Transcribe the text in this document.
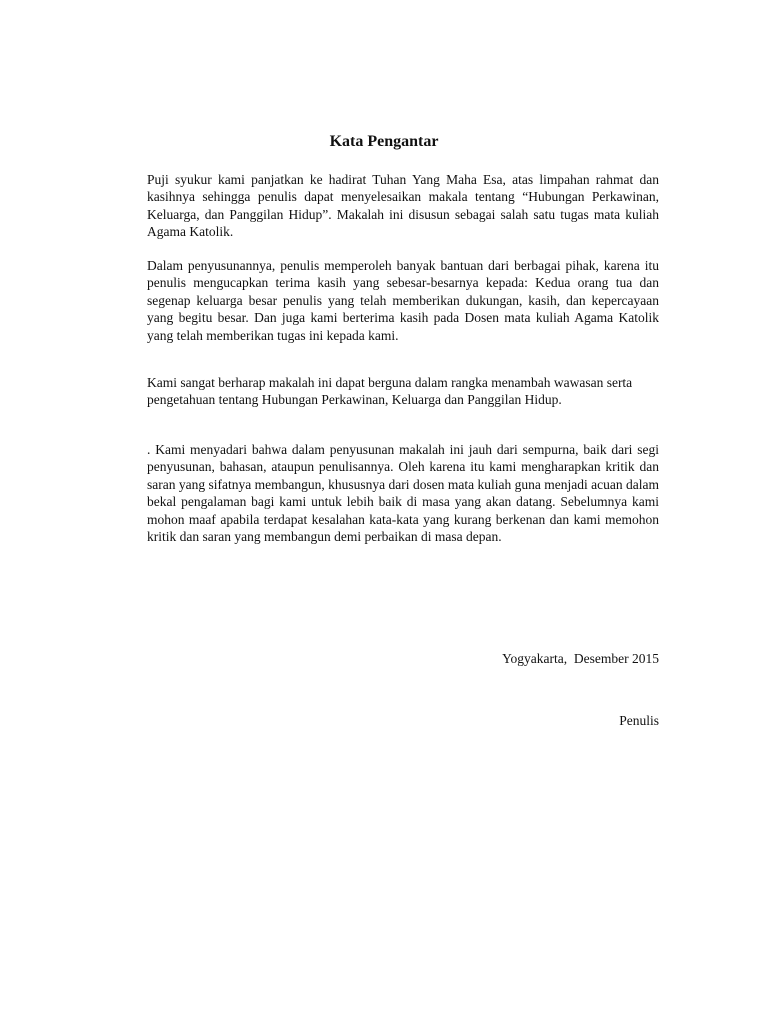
Kata Pengantar

Puji syukur kami panjatkan ke hadirat Tuhan Yang Maha Esa, atas limpahan rahmat dan kasihnya sehingga penulis dapat menyelesaikan makala tentang “Hubungan Perkawinan, Keluarga, dan Panggilan Hidup”. Makalah ini disusun sebagai salah satu tugas mata kuliah Agama Katolik.

Dalam penyusunannya, penulis memperoleh banyak bantuan dari berbagai pihak, karena itu penulis mengucapkan terima kasih yang sebesar-besarnya kepada: Kedua orang tua dan segenap keluarga besar penulis yang telah memberikan dukungan, kasih, dan kepercayaan yang begitu besar. Dan juga kami berterima kasih pada Dosen mata kuliah Agama Katolik yang telah memberikan tugas ini kepada kami.

Kami sangat berharap makalah ini dapat berguna dalam rangka menambah wawasan serta pengetahuan tentang Hubungan Perkawinan, Keluarga dan Panggilan Hidup.

. Kami menyadari bahwa dalam penyusunan makalah ini jauh dari sempurna, baik dari segi penyusunan, bahasan, ataupun penulisannya. Oleh karena itu kami mengharapkan kritik dan saran yang sifatnya membangun, khususnya dari dosen mata kuliah guna menjadi acuan dalam bekal pengalaman bagi kami untuk lebih baik di masa yang akan datang. Sebelumnya kami mohon maaf apabila terdapat kesalahan kata-kata yang kurang berkenan dan kami memohon kritik dan saran yang membangun demi perbaikan di masa depan.

Yogyakarta,  Desember 2015
Penulis
